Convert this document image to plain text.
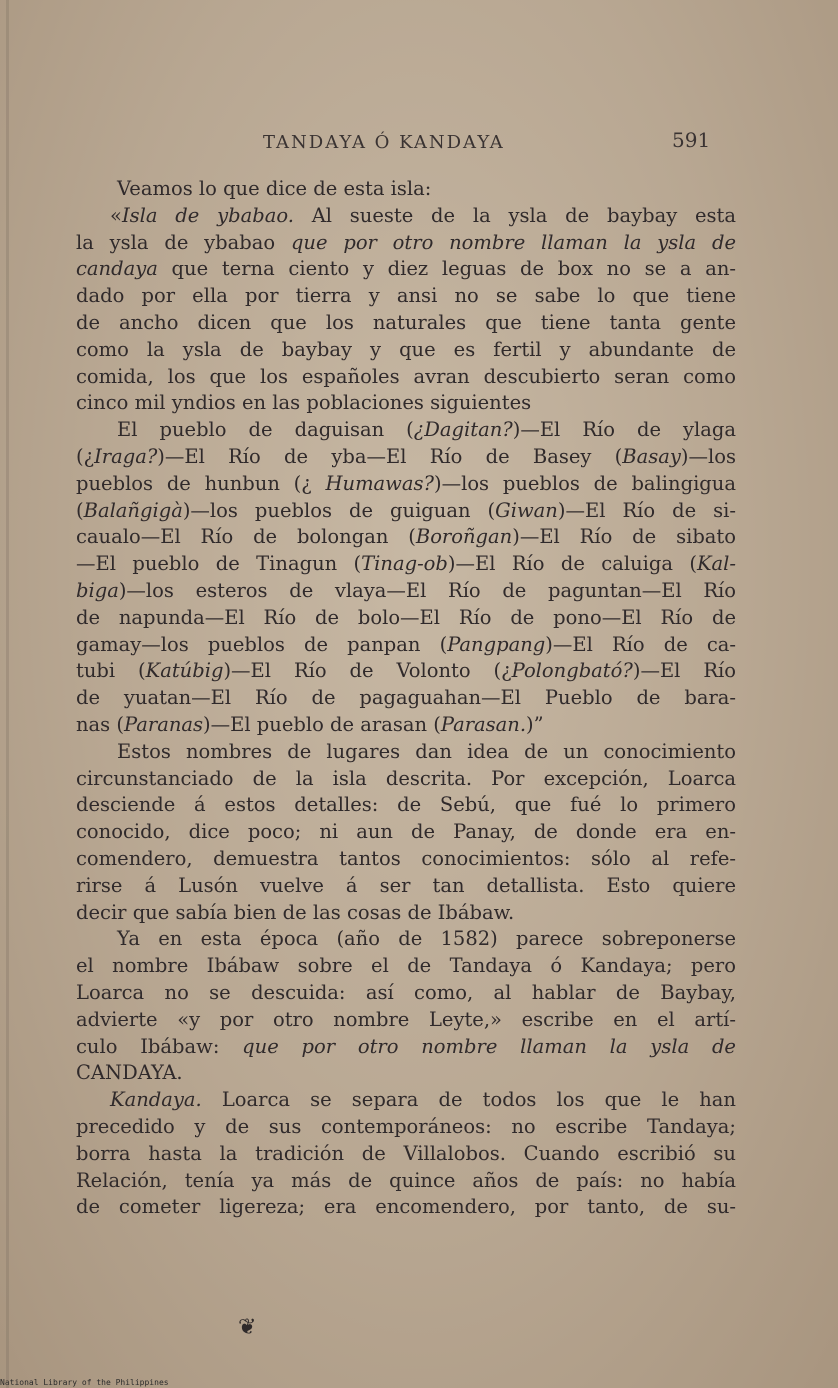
TANDAYA Ó KANDAYA	591
Veamos lo que dice de esta isla:
«Isla de ybabao. Al sueste de la ysla de baybay esta
la ysla de ybabao que por otro nombre llaman la ysla de
candaya que terna ciento y diez leguas de box no se a an-
dado por ella por tierra y ansi no se sabe lo que tiene
de ancho dicen que los naturales que tiene tanta gente
como la ysla de baybay y que es fertil y abundante de
comida, los que los españoles avran descubierto seran como
cinco mil yndios en las poblaciones siguientes
El pueblo de daguisan (¿Dagitan?)—El Río de ylaga
(¿Iraga?)—El Río de yba—El Río de Basey (Basay)—los
pueblos de hunbun (¿ Humawas?)—los pueblos de balingigua
(Balañgigà)—los pueblos de guiguan (Giwan)—El Río de si-
caualo—El Río de bolongan (Boroñgan)—El Río de sibato
—El pueblo de Tinagun (Tinag-ob)—El Río de caluiga (Kal-
biga)—los esteros de vlaya—El Río de paguntan—El Río
de napunda—El Río de bolo—El Río de pono—El Río de
gamay—los pueblos de panpan (Pangpang)—El Río de ca-
tubi (Katúbig)—El Río de Volonto (¿Polongbató?)—El Río
de yuatan—El Río de pagaguahan—El Pueblo de bara-
nas (Paranas)—El pueblo de arasan (Parasan.)”
Estos nombres de lugares dan idea de un conocimiento
circunstanciado de la isla descrita. Por excepción, Loarca
desciende á estos detalles: de Sebú, que fué lo primero
conocido, dice poco; ni aun de Panay, de donde era en-
comendero, demuestra tantos conocimientos: sólo al refe-
rirse á Lusón vuelve á ser tan detallista. Esto quiere
decir que sabía bien de las cosas de Ibábaw.
Ya en esta época (año de 1582) parece sobreponerse
el nombre Ibábaw sobre el de Tandaya ó Kandaya; pero
Loarca no se descuida: así como, al hablar de Baybay,
advierte «y por otro nombre Leyte,» escribe en el artí-
culo Ibábaw: que por otro nombre llaman la ysla de
CANDAYA.
Kandaya. Loarca se separa de todos los que le han
precedido y de sus contemporáneos: no escribe Tandaya;
borra hasta la tradición de Villalobos. Cuando escribió su
Relación, tenía ya más de quince años de país: no había
de cometer ligereza; era encomendero, por tanto, de su-
❦
National Library of the Philippines
